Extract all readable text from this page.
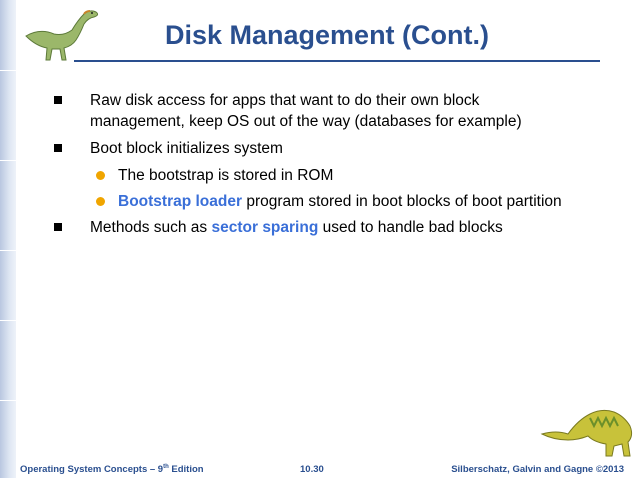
Disk Management (Cont.)
Raw disk access for apps that want to do their own block management, keep OS out of the way (databases for example)
Boot block initializes system
The bootstrap is stored in ROM
Bootstrap loader program stored in boot blocks of boot partition
Methods such as sector sparing used to handle bad blocks
Operating System Concepts – 9th Edition	10.30	Silberschatz, Galvin and Gagne ©2013
